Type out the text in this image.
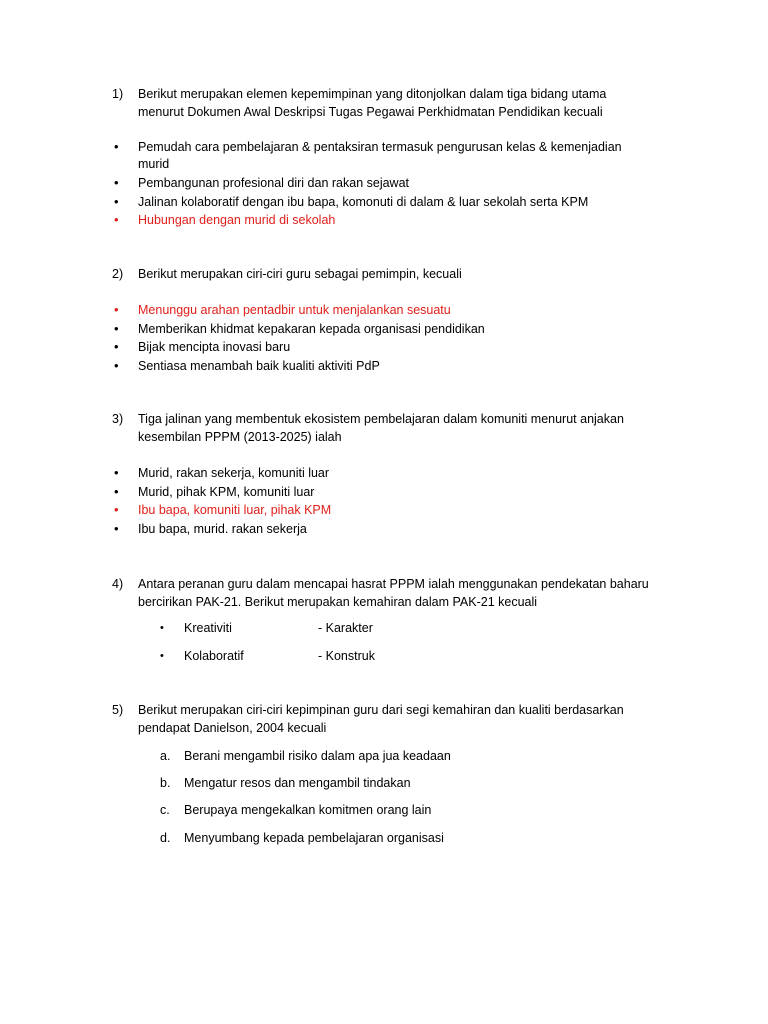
1) Berikut merupakan elemen kepemimpinan yang ditonjolkan dalam tiga bidang utama
menurut Dokumen Awal Deskripsi Tugas Pegawai Perkhidmatan Pendidikan kecuali
• Pemudah cara pembelajaran & pentaksiran termasuk pengurusan kelas & kemenjadian
murid
• Pembangunan profesional diri dan rakan sejawat
• Jalinan kolaboratif dengan ibu bapa, komonuti di dalam & luar sekolah serta KPM
• Hubungan dengan murid di sekolah
2) Berikut merupakan ciri-ciri guru sebagai pemimpin, kecuali
• Menunggu arahan pentadbir untuk menjalankan sesuatu
• Memberikan khidmat kepakaran kepada organisasi pendidikan
• Bijak mencipta inovasi baru
• Sentiasa menambah baik kualiti aktiviti PdP
3) Tiga jalinan yang membentuk ekosistem pembelajaran dalam komuniti menurut anjakan
kesembilan PPPM (2013-2025) ialah
• Murid, rakan sekerja, komuniti luar
• Murid, pihak KPM, komuniti luar
• Ibu bapa, komuniti luar, pihak KPM
• Ibu bapa, murid. rakan sekerja
4) Antara peranan guru dalam mencapai hasrat PPPM ialah menggunakan pendekatan baharu
bercirikan PAK-21. Berikut merupakan kemahiran dalam PAK-21 kecuali
• Kreativiti	- Karakter
• Kolaboratif	- Konstruk
5) Berikut merupakan ciri-ciri kepimpinan guru dari segi kemahiran dan kualiti berdasarkan
pendapat Danielson, 2004 kecuali
a. Berani mengambil risiko dalam apa jua keadaan
b. Mengatur resos dan mengambil tindakan
c. Berupaya mengekalkan komitmen orang lain
d. Menyumbang kepada pembelajaran organisasi
